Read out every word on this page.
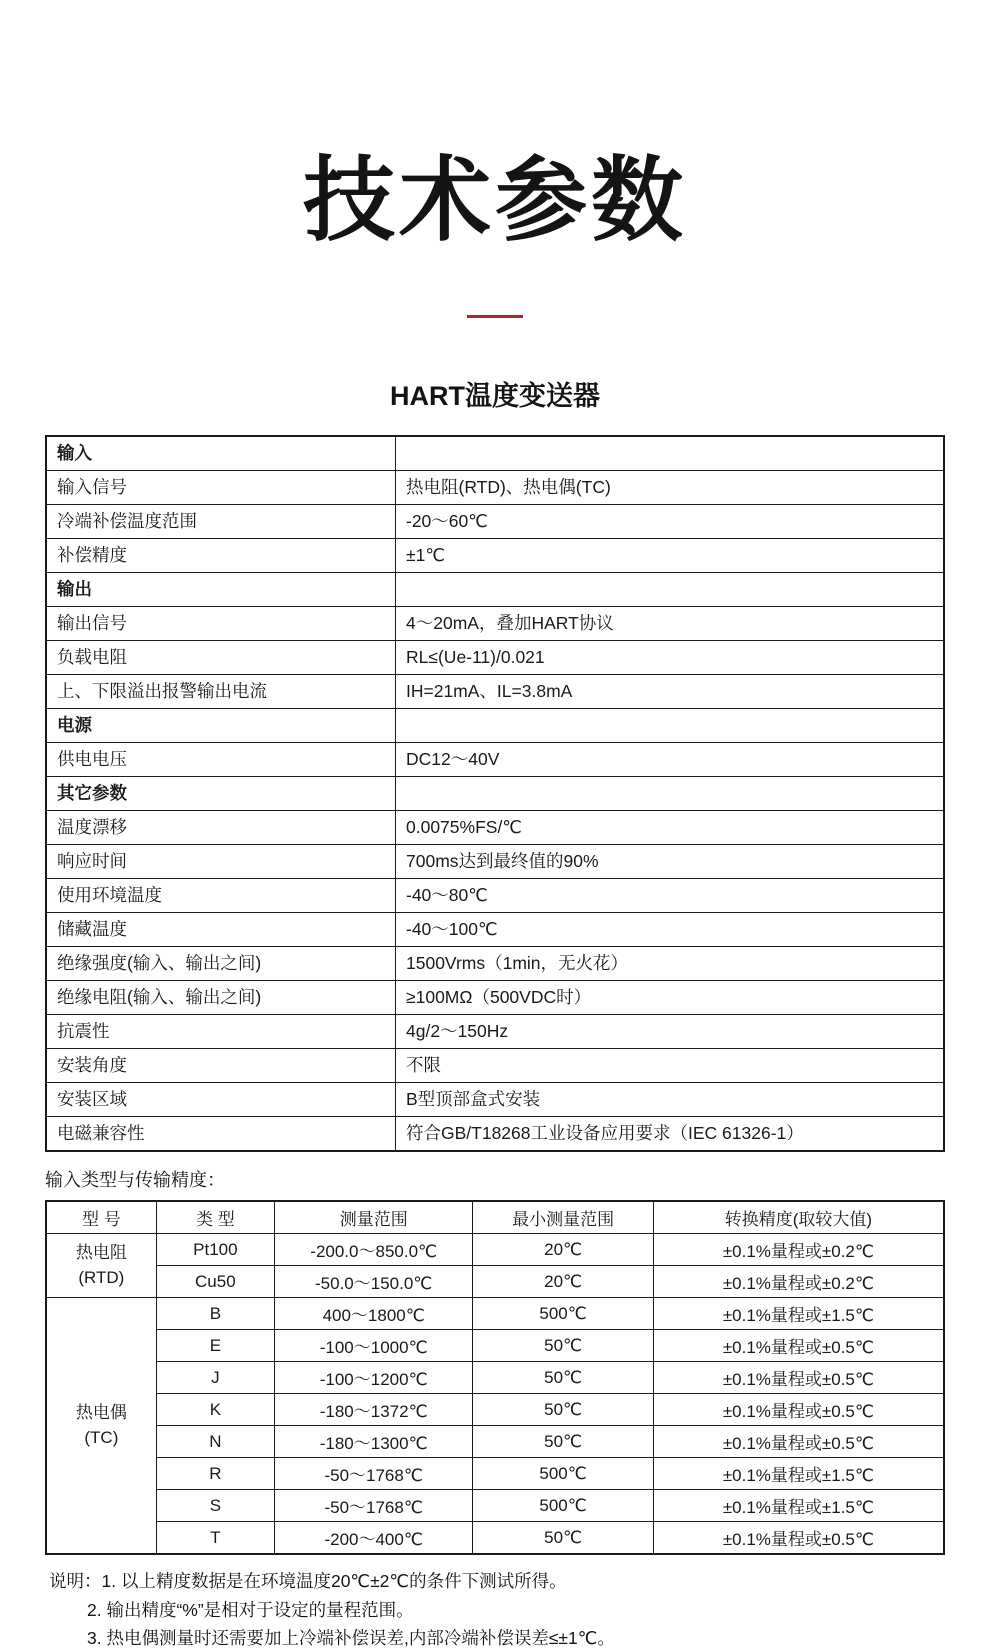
技术参数
HART温度变送器
输入	
输入信号	热电阻(RTD)、热电偶(TC)
冷端补偿温度范围	-20～60℃
补偿精度	±1℃
输出	
输出信号	4～20mA，叠加HART协议
负载电阻	RL≤(Ue-11)/0.021
上、下限溢出报警输出电流	IH=21mA、IL=3.8mA
电源	
供电电压	DC12～40V
其它参数	
温度漂移	0.0075%FS/℃
响应时间	700ms达到最终值的90%
使用环境温度	-40～80℃
储藏温度	-40～100℃
绝缘强度(输入、输出之间)	1500Vrms（1min，无火花）
绝缘电阻(输入、输出之间)	≥100MΩ（500VDC时）
抗震性	4g/2～150Hz
安装角度	不限
安装区域	B型顶部盒式安装
电磁兼容性	符合GB/T18268工业设备应用要求（IEC 61326-1）
输入类型与传输精度：
型 号	类 型	测量范围	最小测量范围	转换精度(取较大值)

热电阻
(RTD)	Pt100	-200.0～850.0℃	20℃	±0.1%量程或±0.2℃
	Cu50	-50.0～150.0℃	20℃	±0.1%量程或±0.2℃

热电偶
(TC)	B	400～1800℃	500℃	±0.1%量程或±1.5℃
	E	-100～1000℃	50℃	±0.1%量程或±0.5℃
	J	-100～1200℃	50℃	±0.1%量程或±0.5℃
	K	-180～1372℃	50℃	±0.1%量程或±0.5℃
	N	-180～1300℃	50℃	±0.1%量程或±0.5℃
	R	-50～1768℃	500℃	±0.1%量程或±1.5℃
	S	-50～1768℃	500℃	±0.1%量程或±1.5℃
	T	-200～400℃	50℃	±0.1%量程或±0.5℃
说明：1. 以上精度数据是在环境温度20℃±2℃的条件下测试所得。
2. 输出精度“%”是相对于设定的量程范围。
3. 热电偶测量时还需要加上冷端补偿误差,内部冷端补偿误差≤±1℃。
